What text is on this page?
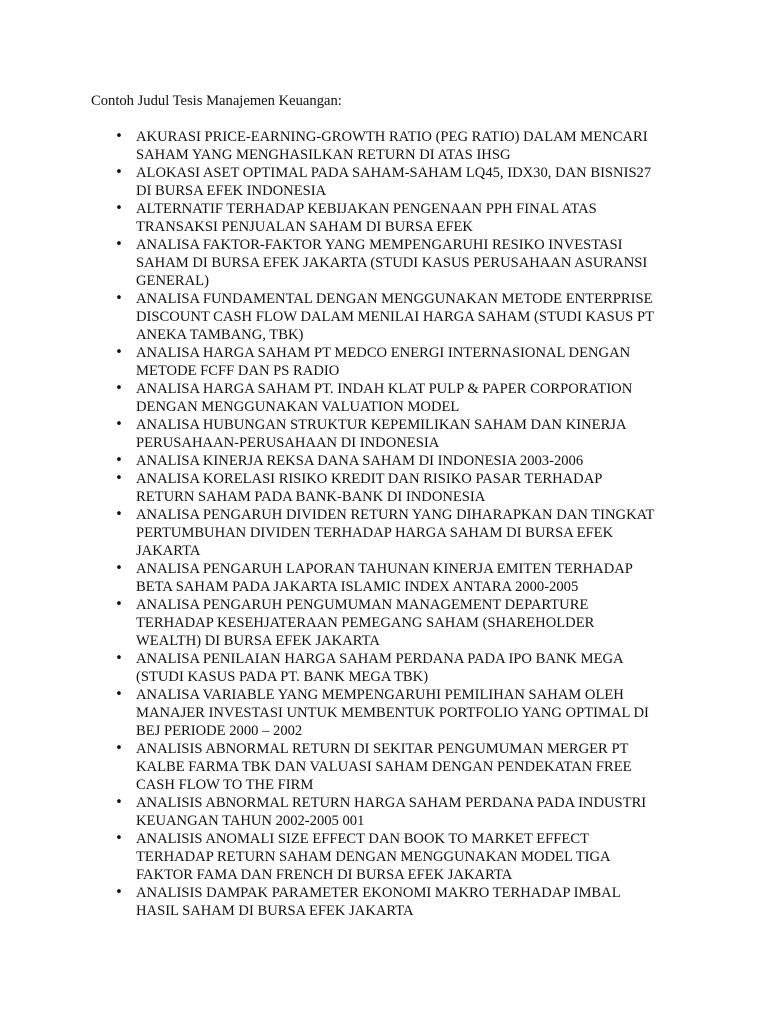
Contoh Judul Tesis Manajemen Keuangan:
• AKURASI PRICE-EARNING-GROWTH RATIO (PEG RATIO) DALAM MENCARI
SAHAM YANG MENGHASILKAN RETURN DI ATAS IHSG
• ALOKASI ASET OPTIMAL PADA SAHAM-SAHAM LQ45, IDX30, DAN BISNIS27
DI BURSA EFEK INDONESIA
• ALTERNATIF TERHADAP KEBIJAKAN PENGENAAN PPH FINAL ATAS
TRANSAKSI PENJUALAN SAHAM DI BURSA EFEK
• ANALISA FAKTOR-FAKTOR YANG MEMPENGARUHI RESIKO INVESTASI
SAHAM DI BURSA EFEK JAKARTA (STUDI KASUS PERUSAHAAN ASURANSI
GENERAL)
• ANALISA FUNDAMENTAL DENGAN MENGGUNAKAN METODE ENTERPRISE
DISCOUNT CASH FLOW DALAM MENILAI HARGA SAHAM (STUDI KASUS PT
ANEKA TAMBANG, TBK)
• ANALISA HARGA SAHAM PT MEDCO ENERGI INTERNASIONAL DENGAN
METODE FCFF DAN PS RADIO
• ANALISA HARGA SAHAM PT. INDAH KLAT PULP & PAPER CORPORATION
DENGAN MENGGUNAKAN VALUATION MODEL
• ANALISA HUBUNGAN STRUKTUR KEPEMILIKAN SAHAM DAN KINERJA
PERUSAHAAN-PERUSAHAAN DI INDONESIA
• ANALISA KINERJA REKSA DANA SAHAM DI INDONESIA 2003-2006
• ANALISA KORELASI RISIKO KREDIT DAN RISIKO PASAR TERHADAP
RETURN SAHAM PADA BANK-BANK DI INDONESIA
• ANALISA PENGARUH DIVIDEN RETURN YANG DIHARAPKAN DAN TINGKAT
PERTUMBUHAN DIVIDEN TERHADAP HARGA SAHAM DI BURSA EFEK
JAKARTA
• ANALISA PENGARUH LAPORAN TAHUNAN KINERJA EMITEN TERHADAP
BETA SAHAM PADA JAKARTA ISLAMIC INDEX ANTARA 2000-2005
• ANALISA PENGARUH PENGUMUMAN MANAGEMENT DEPARTURE
TERHADAP KESEHJATERAAN PEMEGANG SAHAM (SHAREHOLDER
WEALTH) DI BURSA EFEK JAKARTA
• ANALISA PENILAIAN HARGA SAHAM PERDANA PADA IPO BANK MEGA
(STUDI KASUS PADA PT. BANK MEGA TBK)
• ANALISA VARIABLE YANG MEMPENGARUHI PEMILIHAN SAHAM OLEH
MANAJER INVESTASI UNTUK MEMBENTUK PORTFOLIO YANG OPTIMAL DI
BEJ PERIODE 2000 – 2002
• ANALISIS ABNORMAL RETURN DI SEKITAR PENGUMUMAN MERGER PT
KALBE FARMA TBK DAN VALUASI SAHAM DENGAN PENDEKATAN FREE
CASH FLOW TO THE FIRM
• ANALISIS ABNORMAL RETURN HARGA SAHAM PERDANA PADA INDUSTRI
KEUANGAN TAHUN 2002-2005 001
• ANALISIS ANOMALI SIZE EFFECT DAN BOOK TO MARKET EFFECT
TERHADAP RETURN SAHAM DENGAN MENGGUNAKAN MODEL TIGA
FAKTOR FAMA DAN FRENCH DI BURSA EFEK JAKARTA
• ANALISIS DAMPAK PARAMETER EKONOMI MAKRO TERHADAP IMBAL
HASIL SAHAM DI BURSA EFEK JAKARTA
